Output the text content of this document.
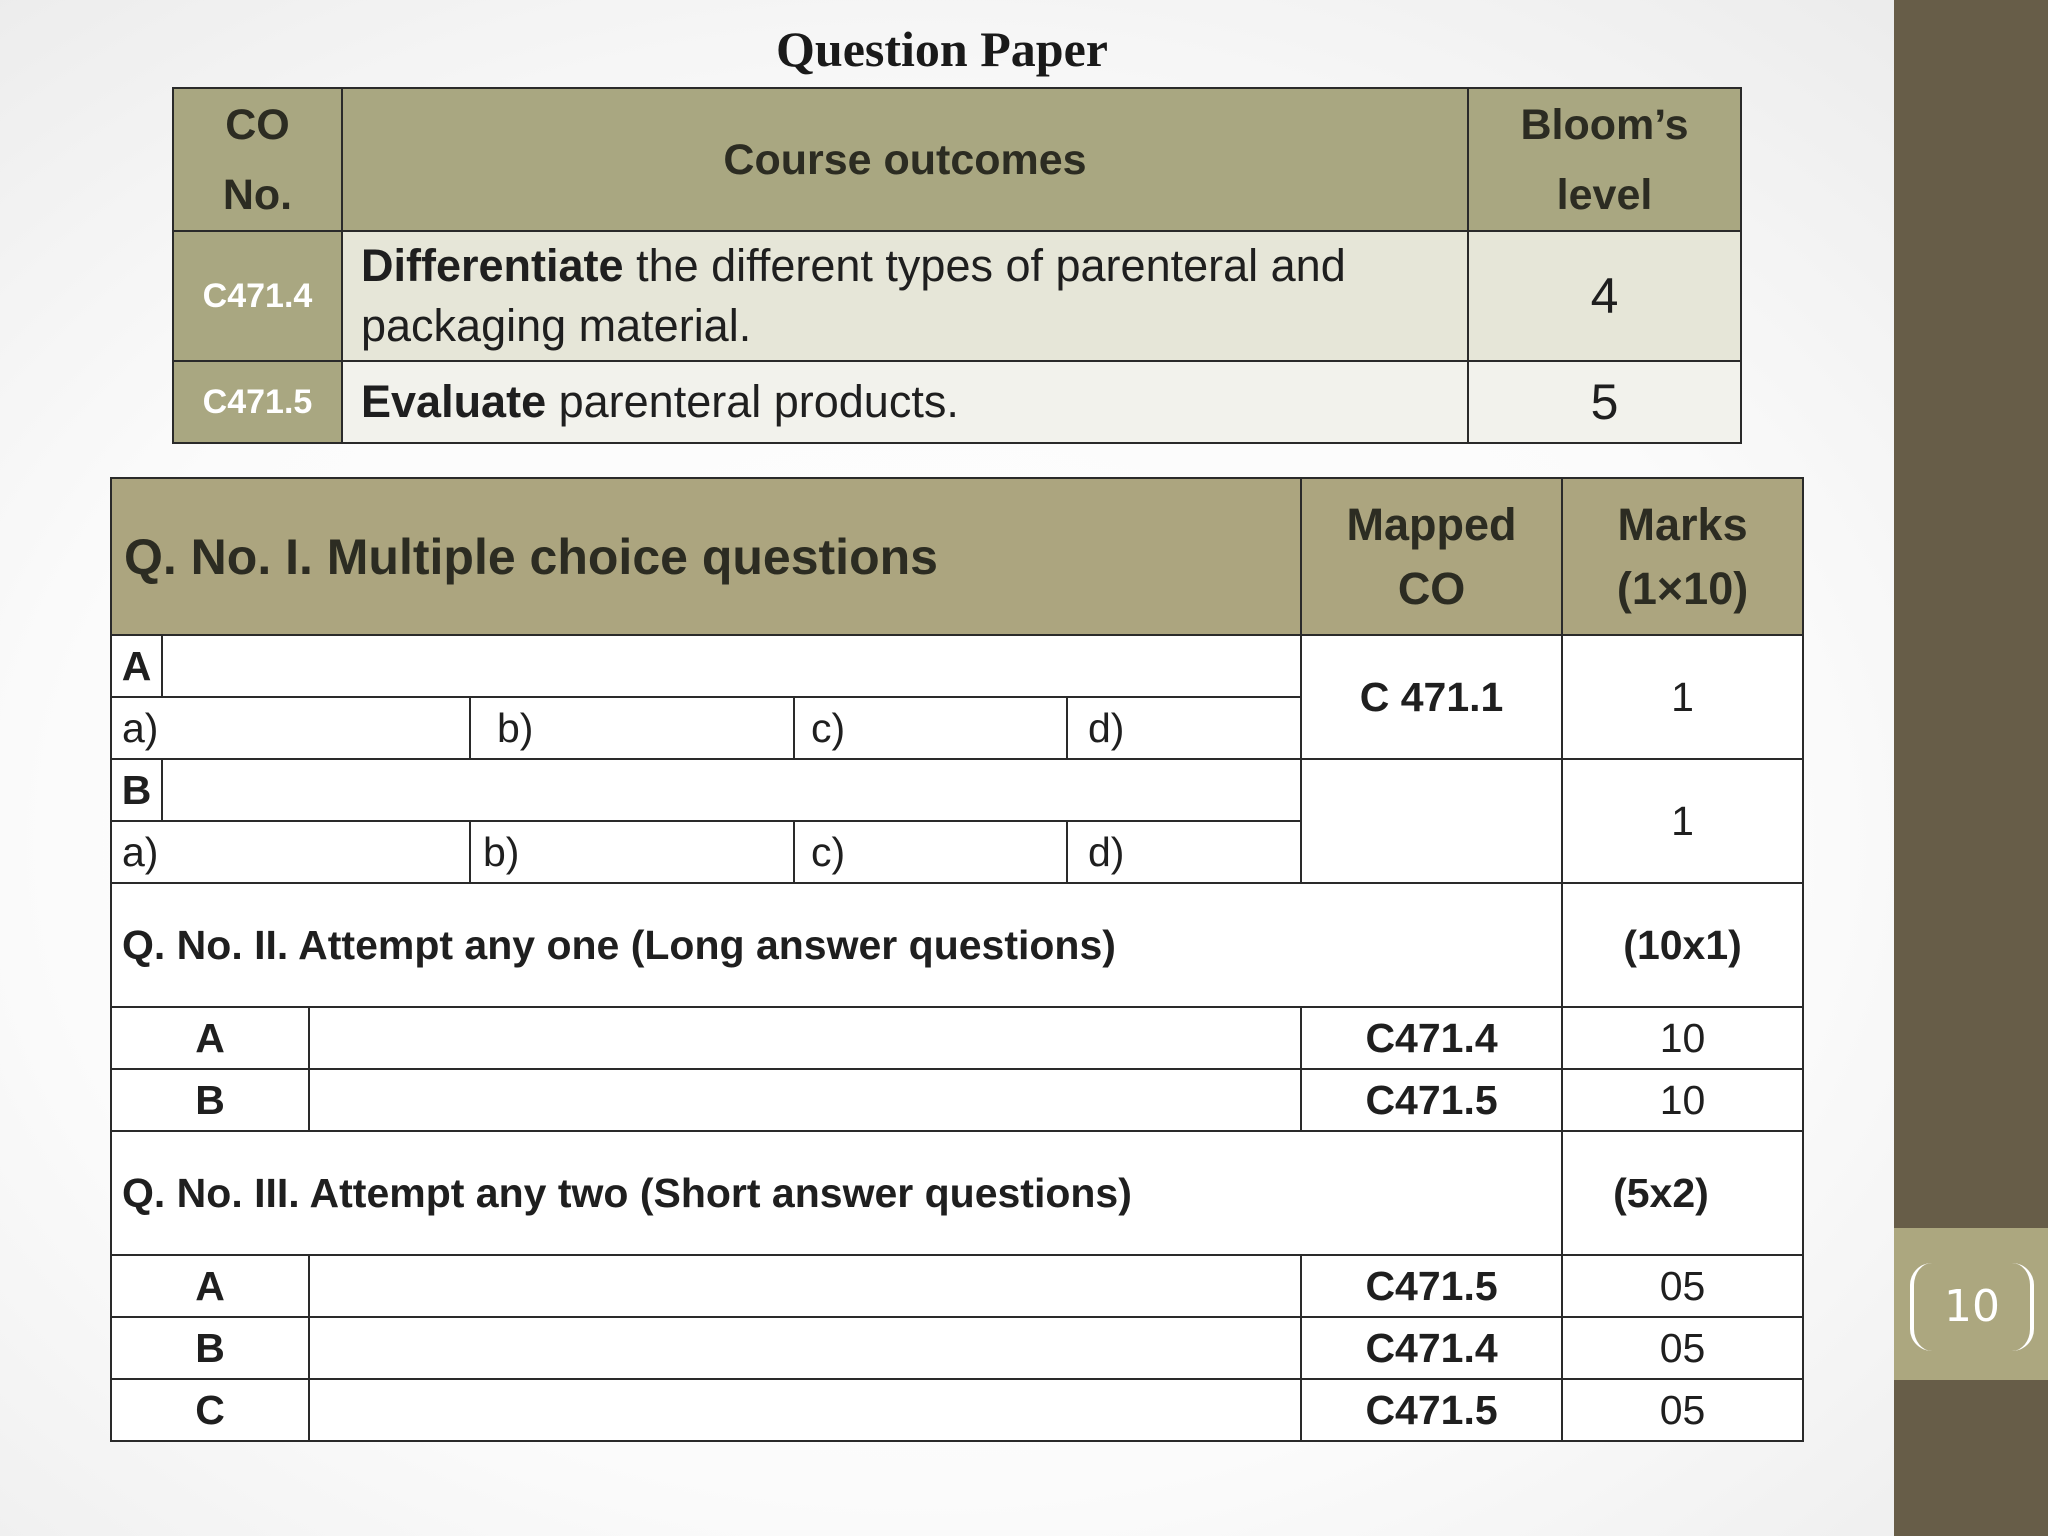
10
Question Paper
CO No.	Course outcomes	Bloom’s level
C471.4	Differentiate the different types of parenteral and packaging material.	4
C471.5	Evaluate parenteral products.	5
Q. No. I. Multiple choice questions						Mapped CO	Marks (1×10)
A						C 471.1	1
a)			b)	c)	d)		
B							1
a)			b)	c)	d)		
Q. No. II. Attempt any one (Long answer questions)							(10x1)
A						C471.4	10
B						C471.5	10
Q. No. III. Attempt any two (Short answer questions)							(5x2)
A						C471.5	05
B						C471.4	05
C						C471.5	05
